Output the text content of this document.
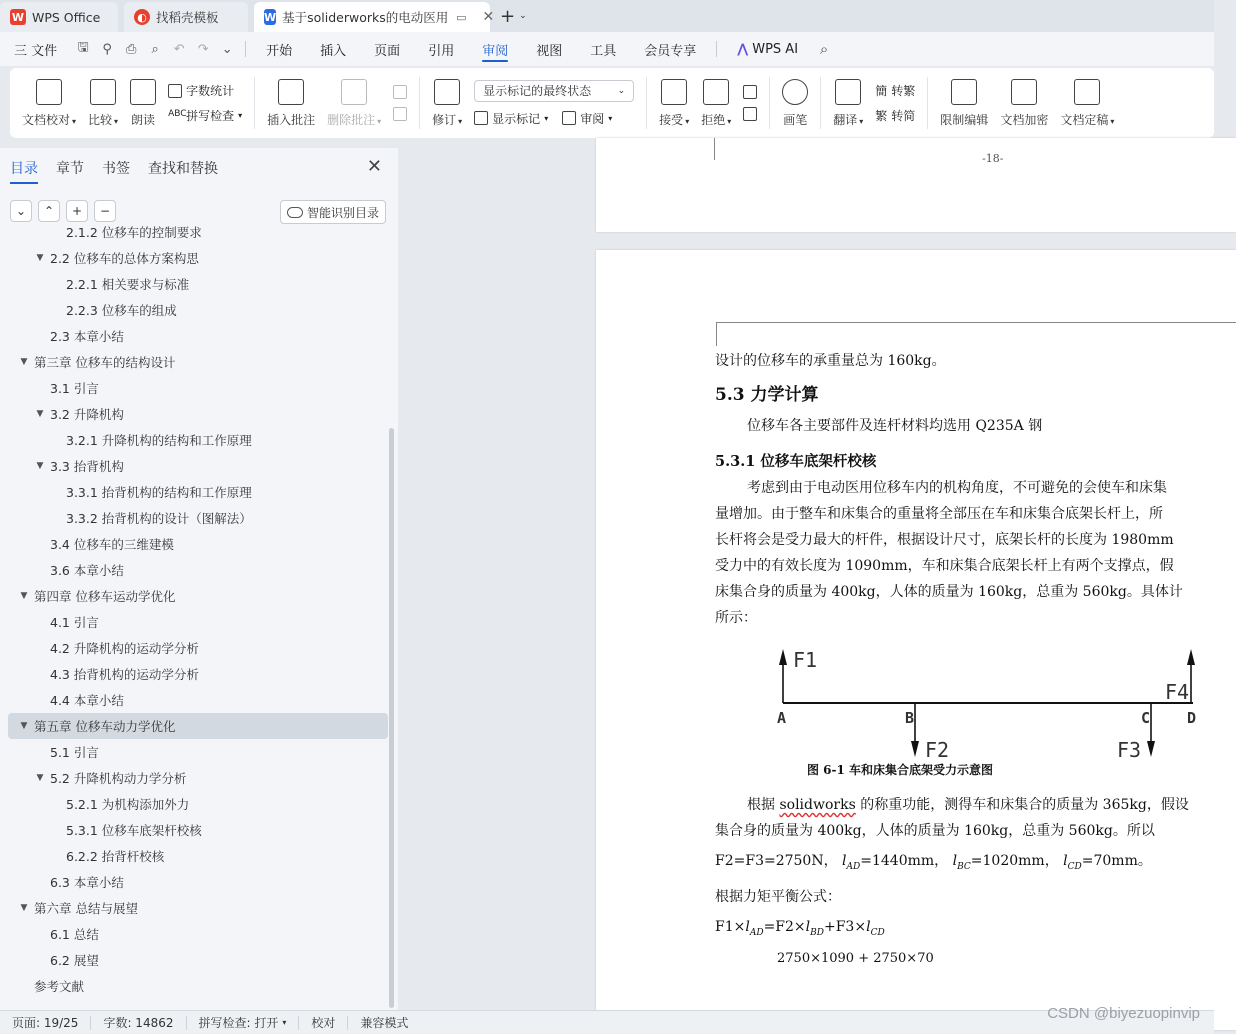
W WPS Office	◐ 找稻壳模板	W 基于soliderworks的电动医用 ▭ ✕ + ⌄
三 文件	🖫	⚲	⎙	⌕	↶	↷	⌄	开始	插入	页面	引用	审阅	视图	工具	会员专享	⋀ WPS AI	⌕
文档校对 ▾ 比较 ▾ 朗读
字数统计
ABC 拼写检查 ▾ 插入批注 删除批注 ▾	修订 ▾
显示标记的最终状态	⌄
显示标记 ▾	审阅 ▾	接受 ▾ 拒绝 ▾	画笔 翻译 ▾
簡 转繁
繁 转简 限制编辑 文档加密 文档定稿 ▾
目录 章节 书签 查找和替换	✕
⌄	⌃	+	−	智能识别目录
2.1.2 位移车的控制要求
▼ 2.2 位移车的总体方案构思
2.2.1 相关要求与标准
2.2.3 位移车的组成
2.3 本章小结
▼ 第三章 位移车的结构设计
3.1 引言
▼ 3.2 升降机构
3.2.1 升降机构的结构和工作原理
▼ 3.3 抬背机构
3.3.1 抬背机构的结构和工作原理
3.3.2 抬背机构的设计（图解法）
3.4 位移车的三维建模
3.6 本章小结
▼ 第四章 位移车运动学优化
4.1 引言
4.2 升降机构的运动学分析
4.3 抬背机构的运动学分析
4.4 本章小结
▼ 第五章 位移车动力学优化
5.1 引言
▼ 5.2 升降机构动力学分析
5.2.1 为机构添加外力
5.3.1 位移车底架杆校核
6.2.2 抬背杆校核
6.3 本章小结
▼ 第六章 总结与展望
6.1 总结
6.2 展望
参考文献
-18-

设计的位移车的承重量总为 160kg。

5.3 力学计算

位移车各主要部件及连杆材料均选用 Q235A 钢

5.3.1 位移车底架杆校核

考虑到由于电动医用位移车内的机构角度，不可避免的会使车和床集

量增加。由于整车和床集合的重量将全部压在车和床集合底架长杆上，所

长杆将会是受力最大的杆件，根据设计尺寸，底架长杆的长度为 1980mm

受力中的有效长度为 1090mm，车和床集合底架长杆上有两个支撑点，假

床集合身的质量为 400kg，人体的质量为 160kg，总重为 560kg。具体计

所示：

F1
F4
F2	F3
A	B	C D
图 6-1 车和床集合底架受力示意图

根据 solidworks 的称重功能，测得车和床集合的质量为 365kg，假设

集合身的质量为 400kg，人体的质量为 160kg，总重为 560kg。所以

F2=F3=2750N， $l_{AD}=1440mm$， $l_{BC}=1020mm$， $l_{CD}=70mm$。

根据力矩平衡公式：

$F1\times l_{AD}=F2\times l_{BD}+F3\times l_{CD}$

2750×1090 + 2750×70

页面: 19/25	字数: 14862	拼写检查: 打开 ▾	校对	兼容模式
CSDN @biyezuopinvip
